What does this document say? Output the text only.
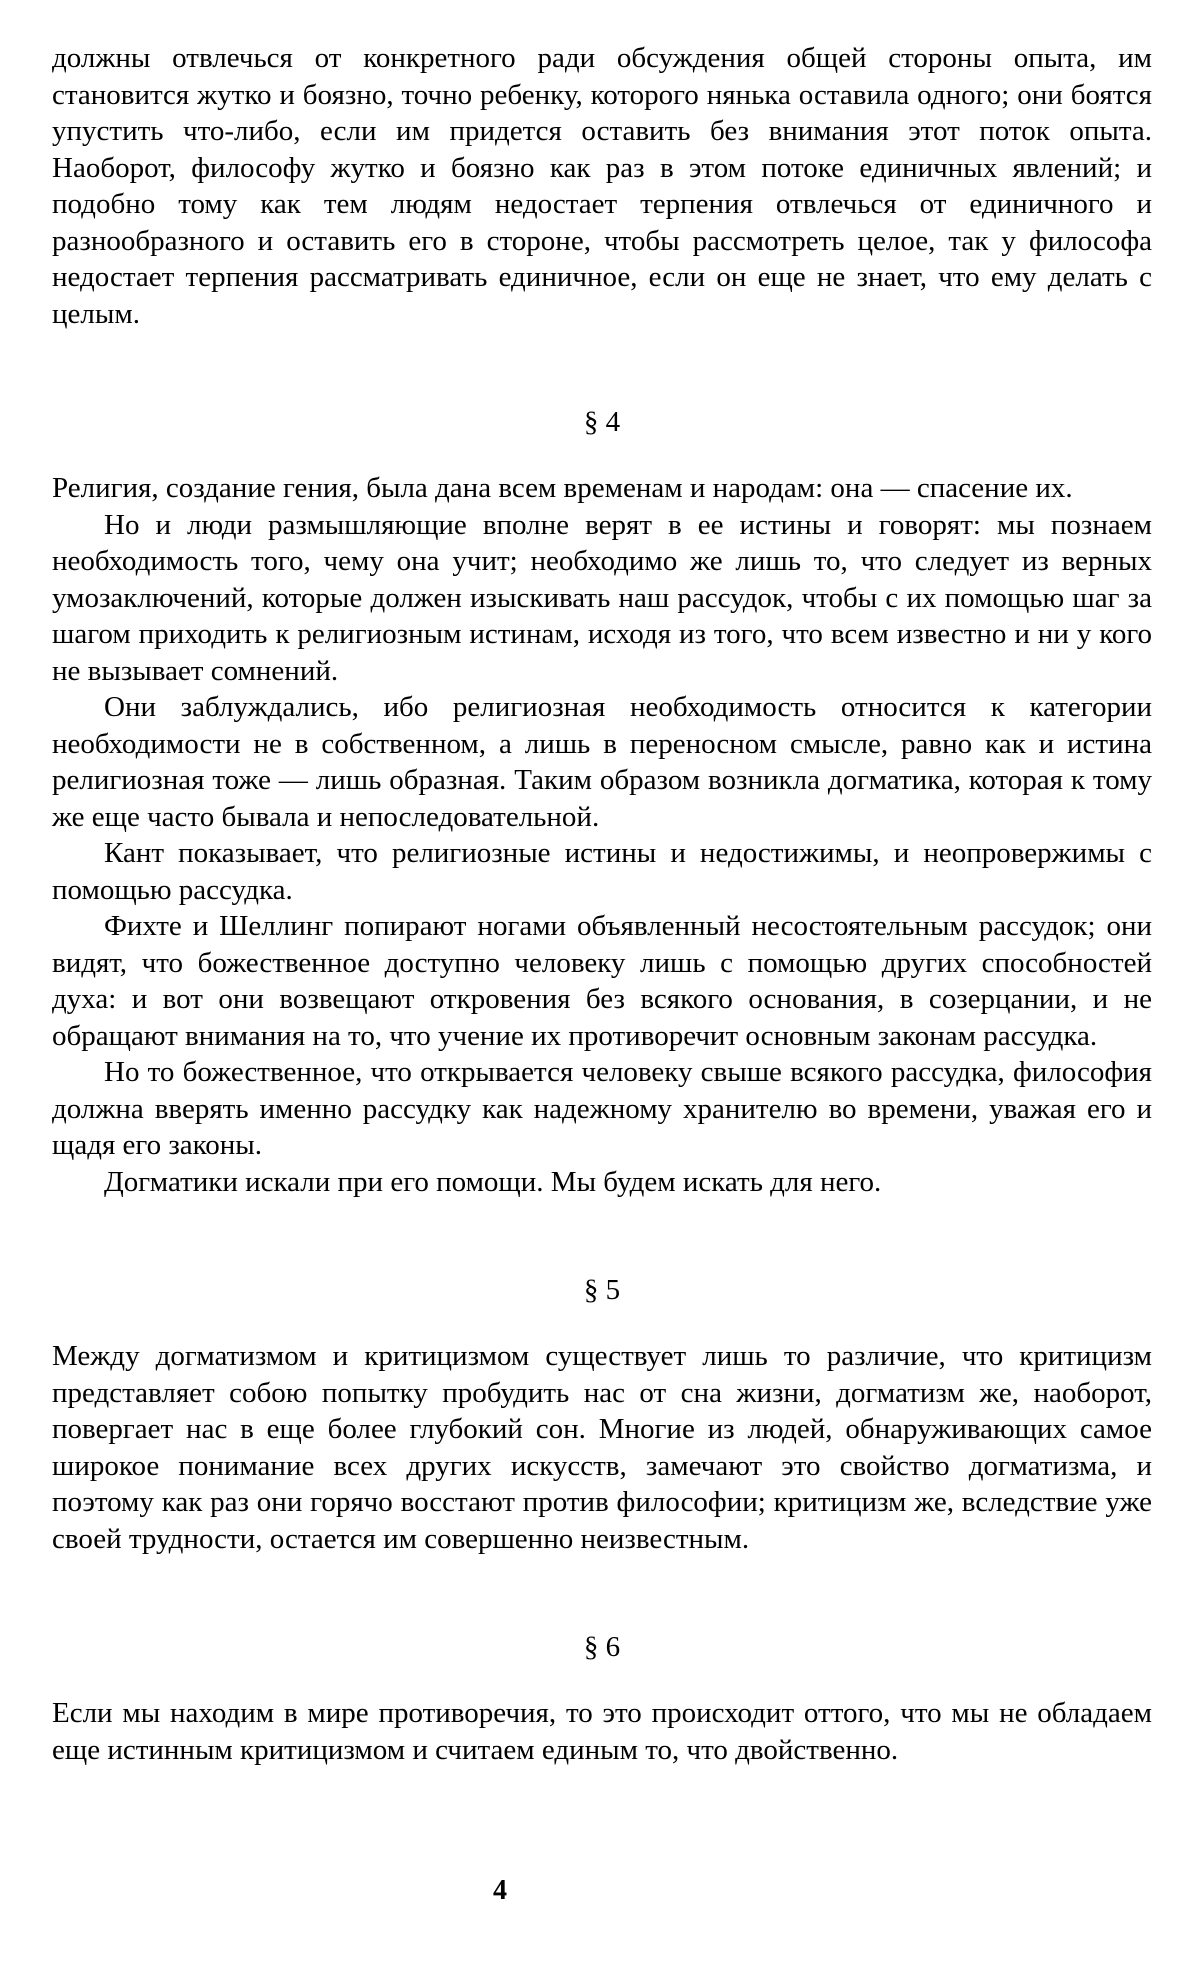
должны отвлечься от конкретного ради обсуждения общей стороны опыта, им становится жутко и боязно, точно ребенку, которого нянька оставила одного; они боятся упустить что-либо, если им придется оставить без внимания этот поток опыта. Наоборот, философу жутко и боязно как раз в этом потоке единичных явлений; и подобно тому как тем людям недостает терпения отвлечься от единичного и разнообразного и оставить его в стороне, чтобы рассмотреть целое, так у философа недостает терпения рассматривать единичное, если он еще не знает, что ему делать с целым.

§ 4

Религия, создание гения, была дана всем временам и народам: она — спасение их.

Но и люди размышляющие вполне верят в ее истины и говорят: мы познаем необходимость того, чему она учит; необходимо же лишь то, что следует из верных умозаключений, которые должен изыскивать наш рассудок, чтобы с их помощью шаг за шагом приходить к религиозным истинам, исходя из того, что всем известно и ни у кого не вызывает сомнений.

Они заблуждались, ибо религиозная необходимость относится к категории необходимости не в собственном, а лишь в переносном смысле, равно как и истина религиозная тоже — лишь образная. Таким образом возникла догматика, которая к тому же еще часто бывала и непоследовательной.

Кант показывает, что религиозные истины и недостижимы, и неопровержимы с помощью рассудка.

Фихте и Шеллинг попирают ногами объявленный несостоятельным рассудок; они видят, что божественное доступно человеку лишь с помощью других способностей духа: и вот они возвещают откровения без всякого основания, в созерцании, и не обращают внимания на то, что учение их противоречит основным законам рассудка.

Но то божественное, что открывается человеку свыше всякого рассудка, философия должна вверять именно рассудку как надежному хранителю во времени, уважая его и щадя его законы.

Догматики искали при его помощи. Мы будем искать для него.

§ 5

Между догматизмом и критицизмом существует лишь то различие, что критицизм представляет собою попытку пробудить нас от сна жизни, догматизм же, наоборот, повергает нас в еще более глубокий сон. Многие из людей, обнаруживающих самое широкое понимание всех других искусств, замечают это свойство догматизма, и поэтому как раз они горячо восстают против философии; критицизм же, вследствие уже своей трудности, остается им совершенно неизвестным.

§ 6

Если мы находим в мире противоречия, то это происходит оттого, что мы не обладаем еще истинным критицизмом и считаем единым то, что двойственно.

4
